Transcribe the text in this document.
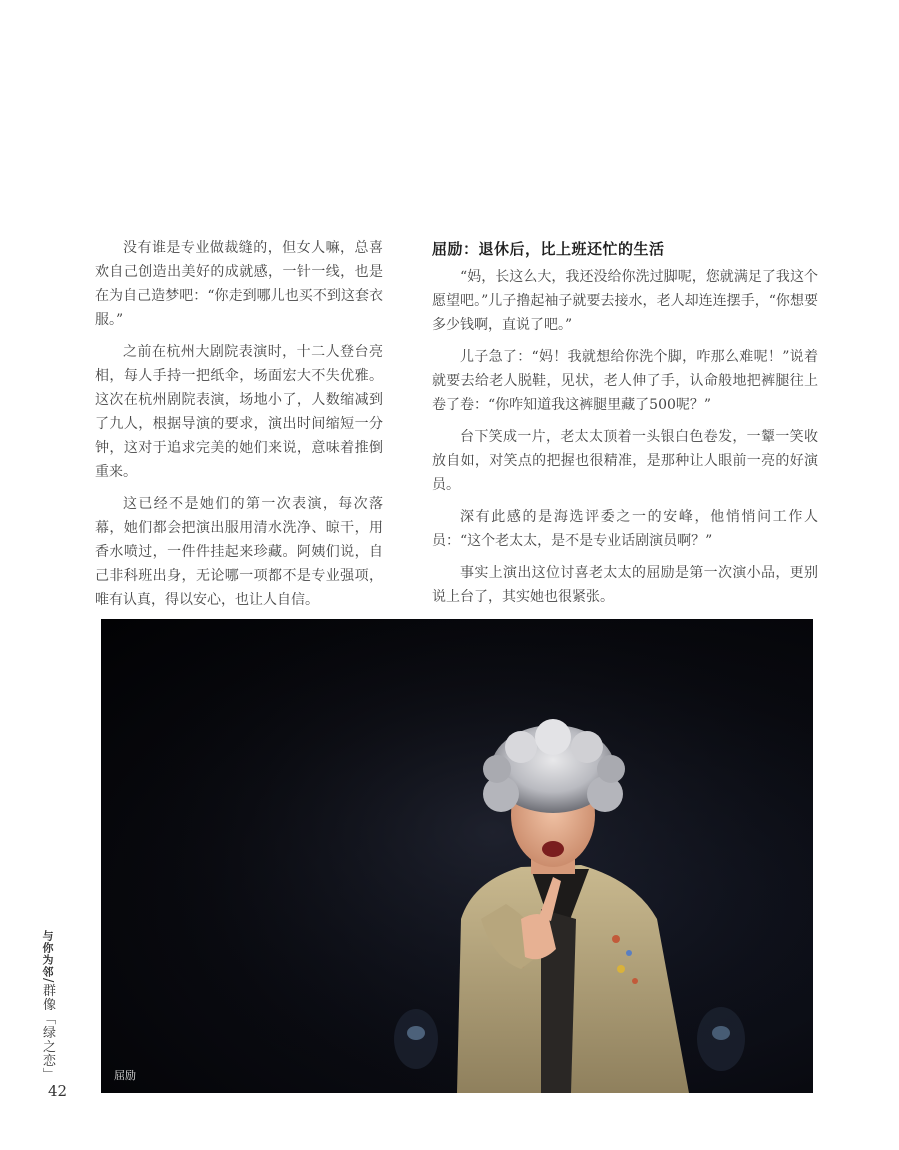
没有谁是专业做裁缝的，但女人嘛，总喜欢自己创造出美好的成就感，一针一线，也是在为自己造梦吧：“你走到哪儿也买不到这套衣服。”

之前在杭州大剧院表演时，十二人登台亮相，每人手持一把纸伞，场面宏大不失优雅。这次在杭州剧院表演，场地小了，人数缩减到了九人，根据导演的要求，演出时间缩短一分钟，这对于追求完美的她们来说，意味着推倒重来。

这已经不是她们的第一次表演，每次落幕，她们都会把演出服用清水洗净、晾干，用香水喷过，一件件挂起来珍藏。阿姨们说，自己非科班出身，无论哪一项都不是专业强项，唯有认真，得以安心，也让人自信。

屈励：退休后，比上班还忙的生活

“妈，长这么大，我还没给你洗过脚呢，您就满足了我这个愿望吧。”儿子撸起袖子就要去接水，老人却连连摆手，“你想要多少钱啊，直说了吧。”

儿子急了：“妈！我就想给你洗个脚，咋那么难呢！”说着就要去给老人脱鞋，见状，老人伸了手，认命般地把裤腿往上卷了卷：“你咋知道我这裤腿里藏了500呢？”

台下笑成一片，老太太顶着一头银白色卷发，一颦一笑收放自如，对笑点的把握也很精准，是那种让人眼前一亮的好演员。

深有此感的是海选评委之一的安峰，他悄悄问工作人员：“这个老太太，是不是专业话剧演员啊？”

事实上演出这位讨喜老太太的屈励是第一次演小品，更别说上台了，其实她也很紧张。

屈励
与你为邻/群像「绿之恋」
42
